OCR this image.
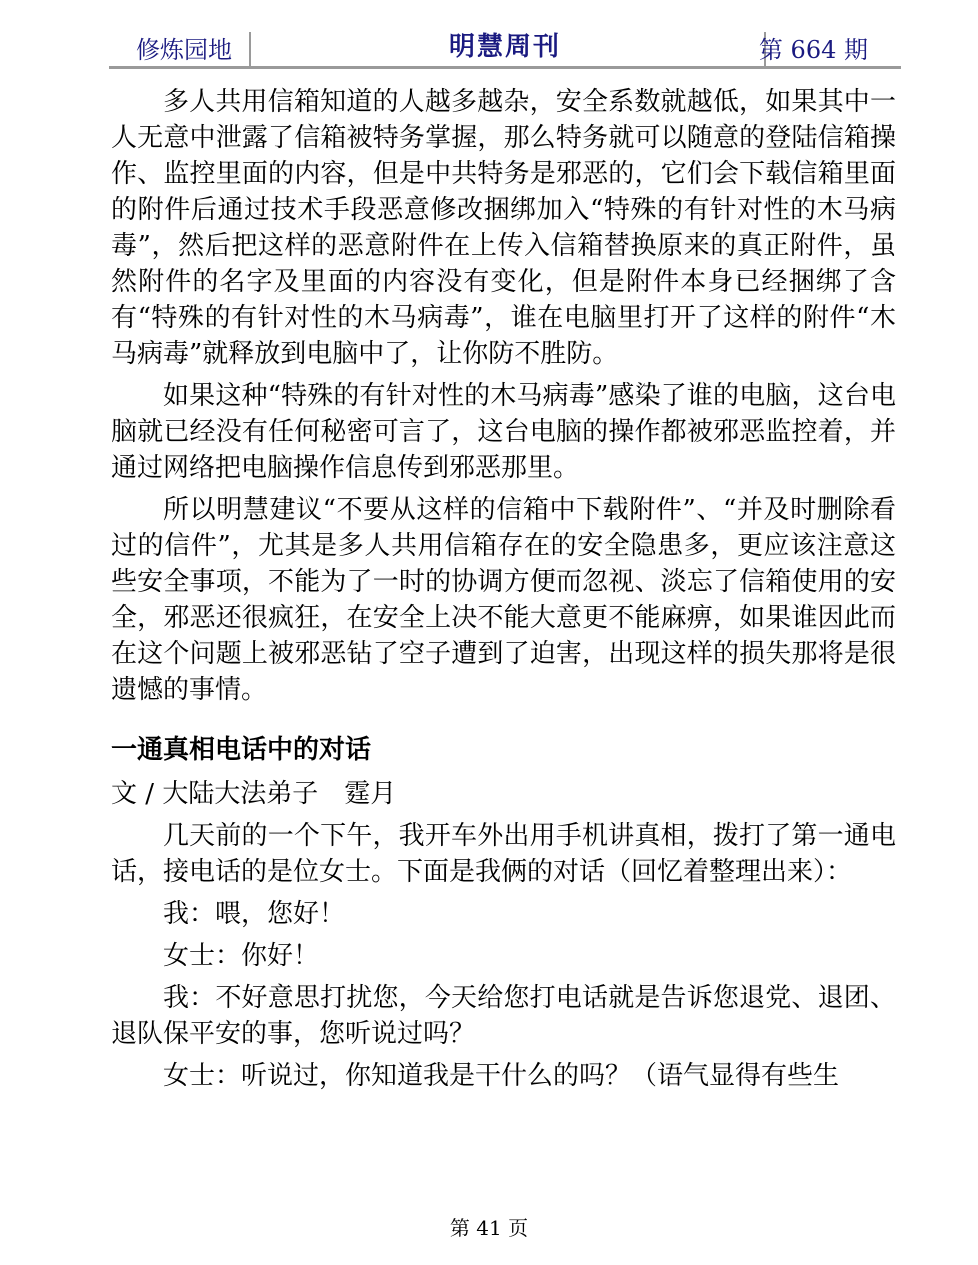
修炼园地	明慧周刊	第 664 期

多人共用信箱知道的人越多越杂，安全系数就越低，如果其中一人无意中泄露了信箱被特务掌握，那么特务就可以随意的登陆信箱操作、监控里面的内容，但是中共特务是邪恶的，它们会下载信箱里面的附件后通过技术手段恶意修改捆绑加入“特殊的有针对性的木马病毒”，然后把这样的恶意附件在上传入信箱替换原来的真正附件，虽然附件的名字及里面的内容没有变化，但是附件本身已经捆绑了含有“特殊的有针对性的木马病毒”，谁在电脑里打开了这样的附件“木马病毒”就释放到电脑中了，让你防不胜防。

如果这种“特殊的有针对性的木马病毒”感染了谁的电脑，这台电脑就已经没有任何秘密可言了，这台电脑的操作都被邪恶监控着，并通过网络把电脑操作信息传到邪恶那里。

所以明慧建议“不要从这样的信箱中下载附件”、“并及时删除看过的信件”，尤其是多人共用信箱存在的安全隐患多，更应该注意这些安全事项，不能为了一时的协调方便而忽视、淡忘了信箱使用的安全，邪恶还很疯狂，在安全上决不能大意更不能麻痹，如果谁因此而在这个问题上被邪恶钻了空子遭到了迫害，出现这样的损失那将是很遗憾的事情。

一通真相电话中的对话
文 / 大陆大法弟子　霆月

几天前的一个下午，我开车外出用手机讲真相，拨打了第一通电话，接电话的是位女士。下面是我俩的对话（回忆着整理出来）：

我：喂，您好！

女士：你好！

我：不好意思打扰您，今天给您打电话就是告诉您退党、退团、退队保平安的事，您听说过吗？

女士：听说过，你知道我是干什么的吗？（语气显得有些生

第 41 页
